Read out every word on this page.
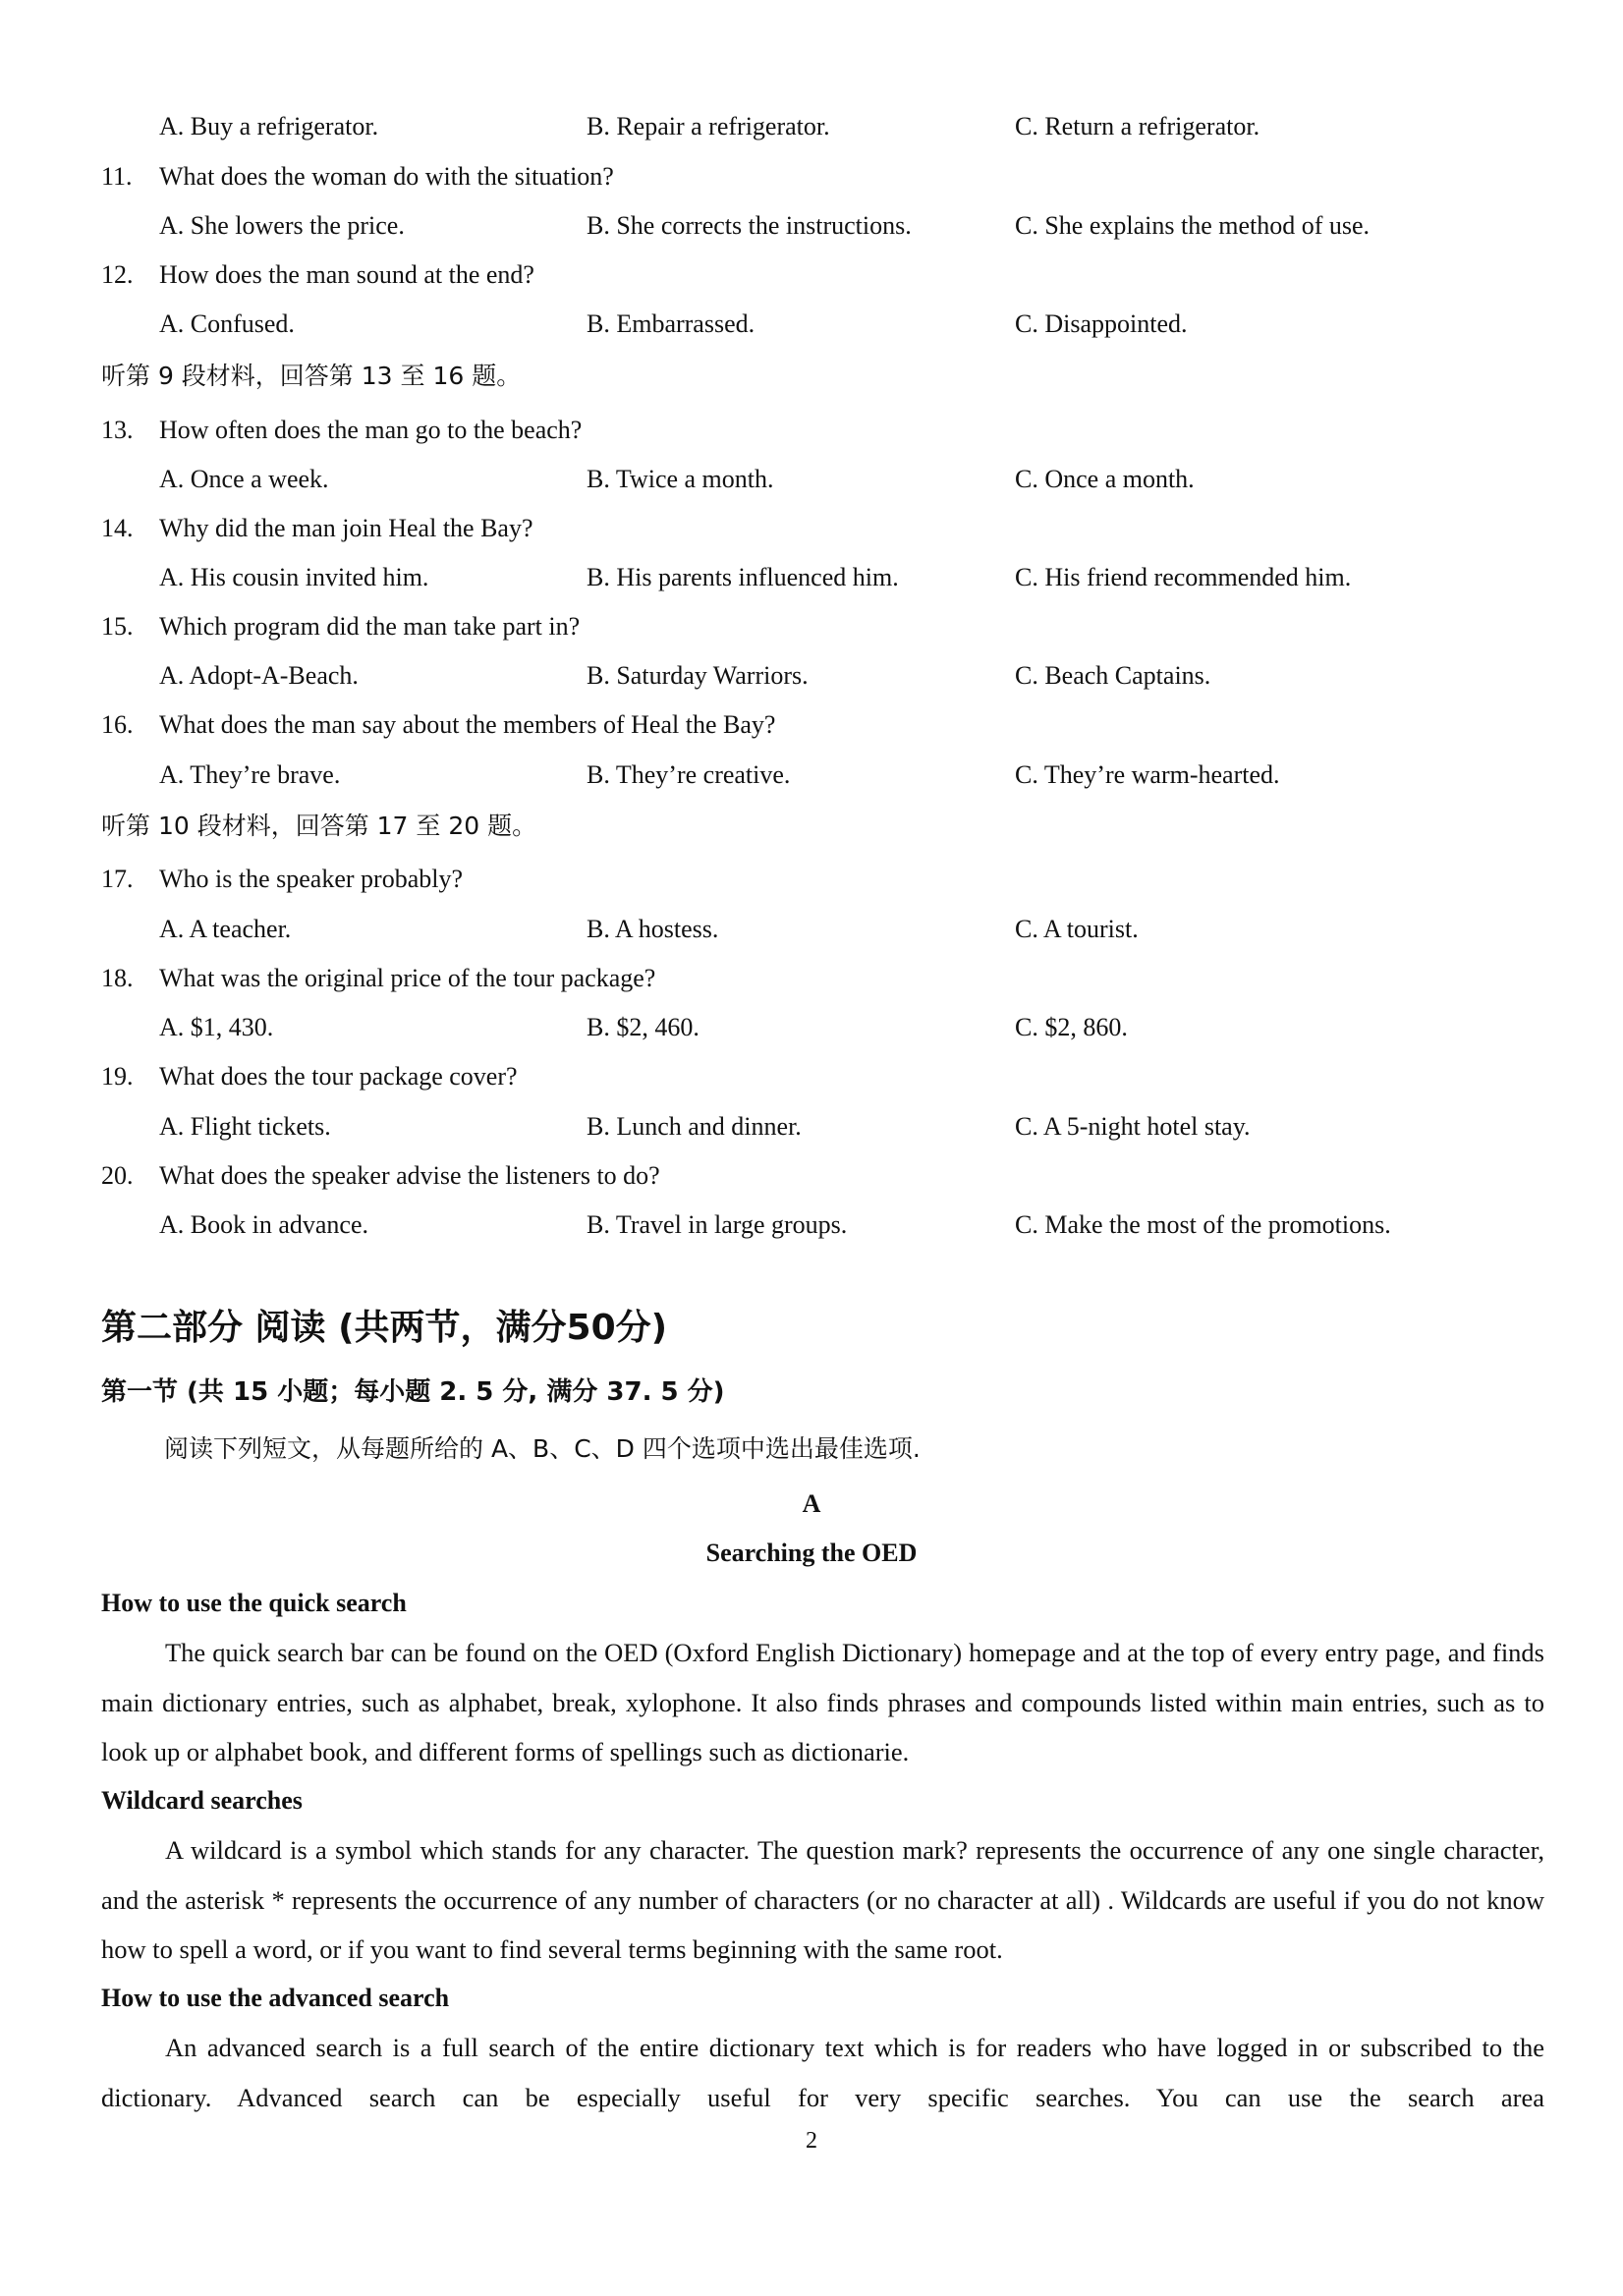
A. Buy a refrigerator.	B. Repair a refrigerator.	C. Return a refrigerator.
11. What does the woman do with the situation?
A. She lowers the price.	B. She corrects the instructions.	C. She explains the method of use.
12. How does the man sound at the end?
A. Confused.	B. Embarrassed.	C. Disappointed.
听第 9 段材料，回答第 13 至 16 题。
13. How often does the man go to the beach?
A. Once a week.	B. Twice a month.	C. Once a month.
14. Why did the man join Heal the Bay?
A. His cousin invited him.	B. His parents influenced him.	C. His friend recommended him.
15. Which program did the man take part in?
A. Adopt-A-Beach.	B. Saturday Warriors.	C. Beach Captains.
16. What does the man say about the members of Heal the Bay?
A. They’re brave.	B. They’re creative.	C. They’re warm-hearted.
听第 10 段材料，回答第 17 至 20 题。
17. Who is the speaker probably?
A. A teacher.	B. A hostess.	C. A tourist.
18. What was the original price of the tour package?
A. $1, 430.	B. $2, 460.	C. $2, 860.
19. What does the tour package cover?
A. Flight tickets.	B. Lunch and dinner.	C. A 5-night hotel stay.
20. What does the speaker advise the listeners to do?
A. Book in advance.	B. Travel in large groups.	C. Make the most of the promotions.
第二部分 阅读 (共两节，满分50分)
第一节 (共 15 小题；每小题 2. 5 分, 满分 37. 5 分)
阅读下列短文，从每题所给的 A、B、C、D 四个选项中选出最佳选项.
A
Searching the OED
How to use the quick search
The quick search bar can be found on the OED (Oxford English Dictionary) homepage and at the top of every entry page, and finds main dictionary entries, such as alphabet, break, xylophone. It also finds phrases and compounds listed within main entries, such as to look up or alphabet book, and different forms of spellings such as dictionarie.
Wildcard searches
A wildcard is a symbol which stands for any character. The question mark? represents the occurrence of any one single character, and the asterisk * represents the occurrence of any number of characters (or no character at all) . Wildcards are useful if you do not know how to spell a word, or if you want to find several terms beginning with the same root.
How to use the advanced search
An advanced search is a full search of the entire dictionary text which is for readers who have logged in or subscribed to the dictionary. Advanced search can be especially useful for very specific searches. You can use the search area
2
